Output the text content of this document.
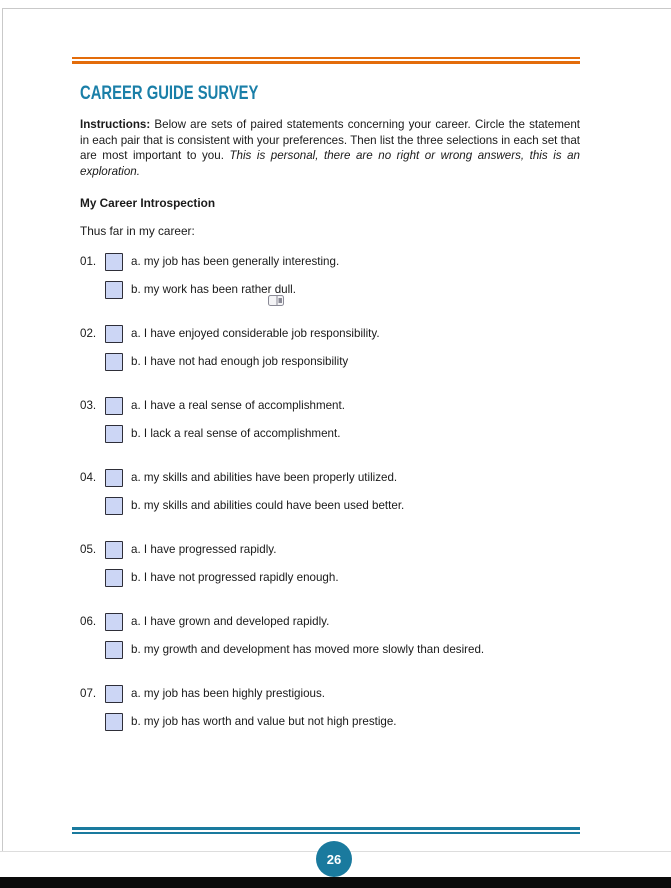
CAREER GUIDE SURVEY

Instructions: Below are sets of paired statements concerning your career. Circle the statement in each pair that is consistent with your preferences. Then list the three selections in each set that are most important to you. This is personal, there are no right or wrong answers, this is an exploration.

My Career Introspection

Thus far in my career:

01.	a. my job has been generally interesting.
b. my work has been rather dull.
02.	a. I have enjoyed considerable job responsibility.
b. I have not had enough job responsibility
03.	a. I have a real sense of accomplishment.
b. I lack a real sense of accomplishment.
04.	a. my skills and abilities have been properly utilized.
b. my skills and abilities could have been used better.
05.	a. I have progressed rapidly.
b. I have not progressed rapidly enough.
06.	a. I have grown and developed rapidly.
b. my growth and development has moved more slowly than desired.
07.	a. my job has been highly prestigious.
b. my job has worth and value but not high prestige.
26
